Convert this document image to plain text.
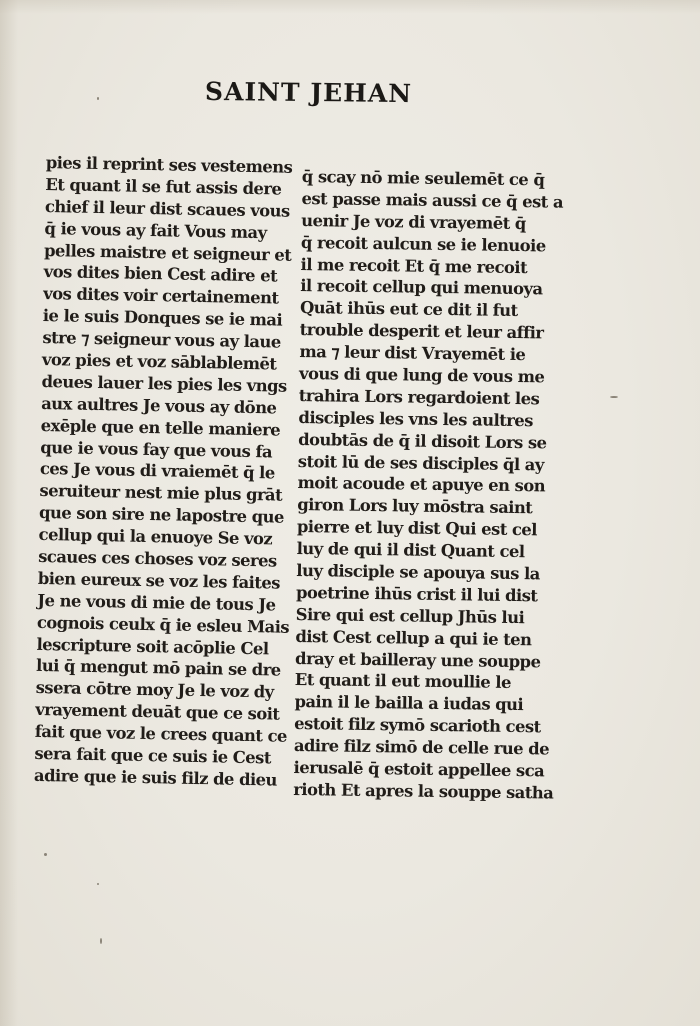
SAINT JEHAN
pies il reprint ses vestemens
Et quant il se fut assis dere
chief il leur dist scaues vous
q̄ ie vous ay fait Vous may
pelles maistre et seigneur et
vos dites bien Cest adire et
vos dites voir certainement
ie le suis Donques se ie mai
stre ⁊ seigneur vous ay laue
voz pies et voz sāblablemēt
deues lauer les pies les vngs
aux aultres Je vous ay dōne
exēple que en telle maniere
que ie vous fay que vous fa
ces Je vous di vraiemēt q̄ le
seruiteur nest mie plus grāt
que son sire ne lapostre que
cellup qui la enuoye Se voz
scaues ces choses voz seres
bien eureux se voz les faites
Je ne vous di mie de tous Je
cognois ceulx q̄ ie esleu Mais
lescripture soit acōplie Cel
lui q̄ mengut mō pain se dre
ssera cōtre moy Je le voz dy
vrayement deuāt que ce soit
fait que voz le crees quant ce
sera fait que ce suis ie Cest
adire que ie suis filz de dieu
q̄ scay nō mie seulemēt ce q̄
est passe mais aussi ce q̄ est a
uenir Je voz di vrayemēt q̄
q̄ recoit aulcun se ie lenuoie
il me recoit Et q̄ me recoit
il recoit cellup qui menuoya
Quāt ihūs eut ce dit il fut
trouble desperit et leur affir
ma ⁊ leur dist Vrayemēt ie
vous di que lung de vous me
trahira Lors regardoient les
disciples les vns les aultres
doubtās de q̄ il disoit Lors se
stoit lū de ses disciples q̄l ay
moit acoude et apuye en son
giron Lors luy mōstra saint
pierre et luy dist Qui est cel
luy de qui il dist Quant cel
luy disciple se apouya sus la
poetrine ihūs crist il lui dist
Sire qui est cellup Jhūs lui
dist Cest cellup a qui ie ten
dray et bailleray une souppe
Et quant il eut moullie le
pain il le bailla a iudas qui
estoit filz symō scarioth cest
adire filz simō de celle rue de
ierusalē q̄ estoit appellee sca
rioth Et apres la souppe satha
